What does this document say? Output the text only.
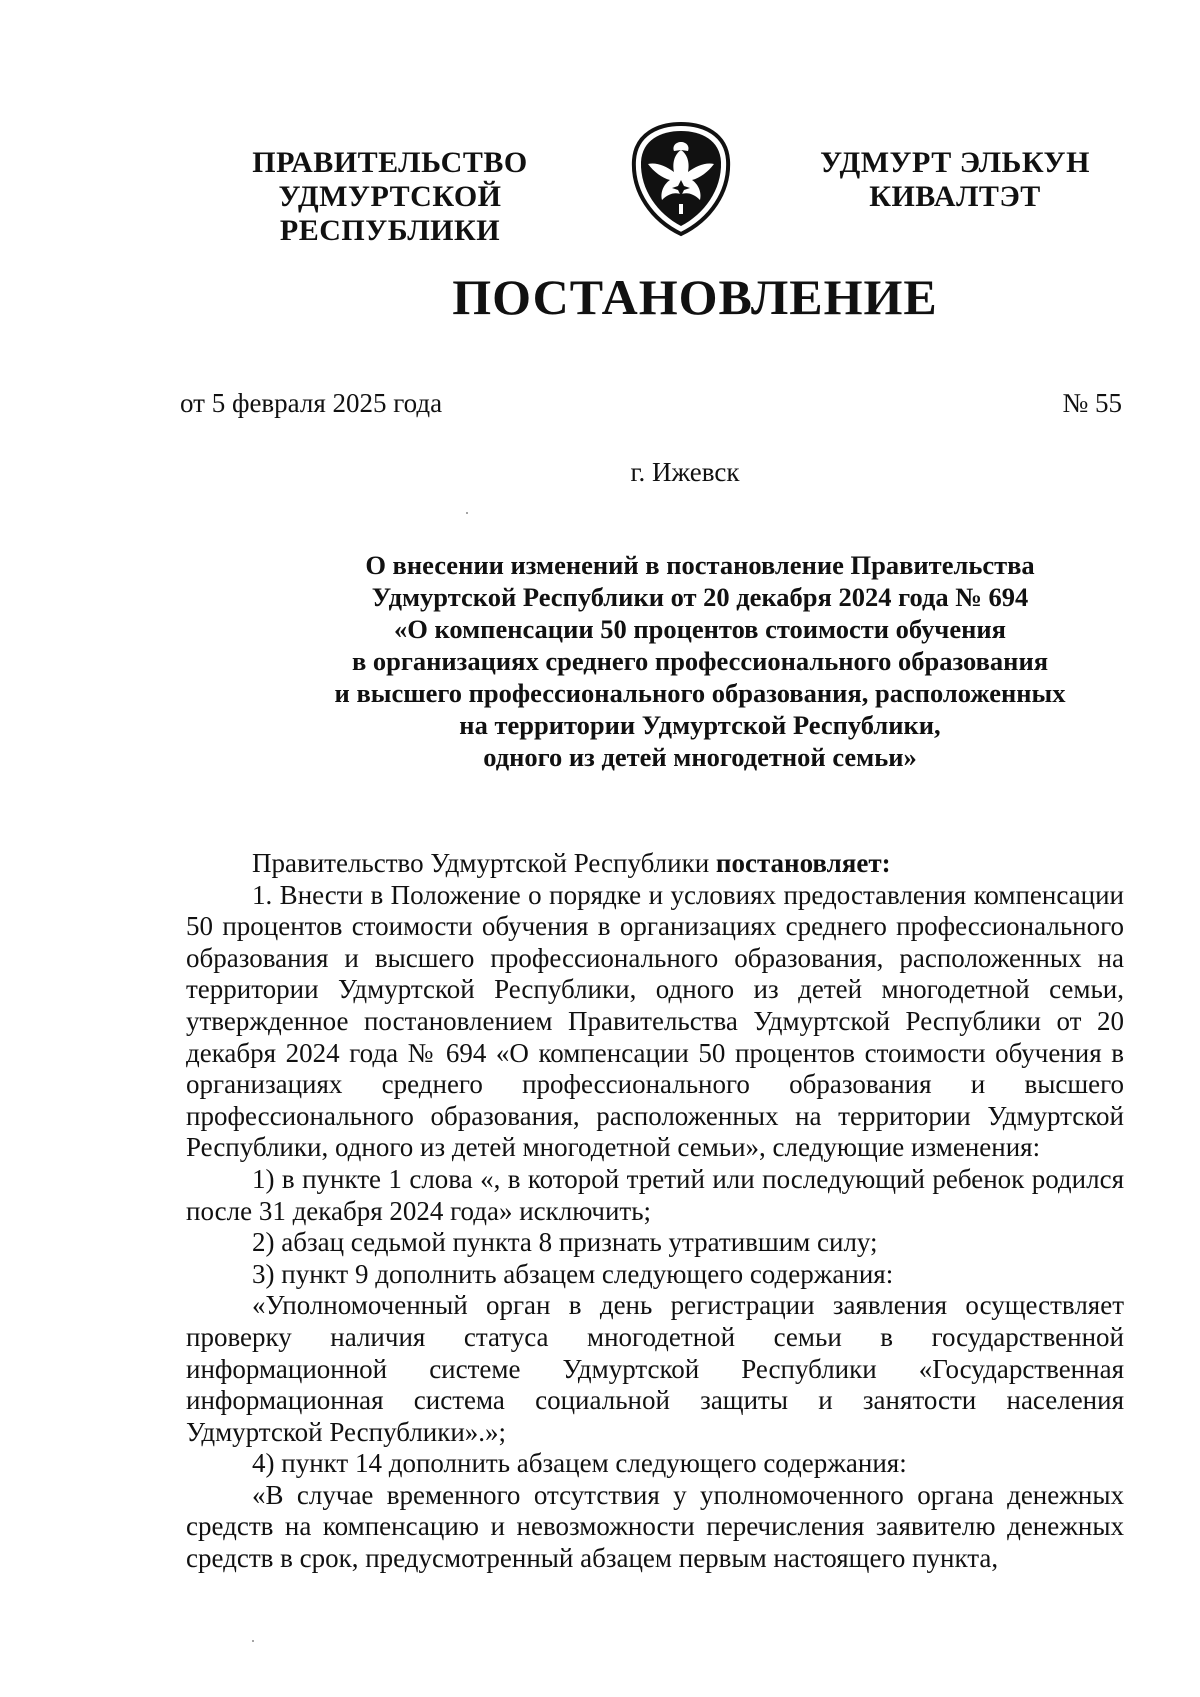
ПРАВИТЕЛЬСТВО
УДМУРТСКОЙ РЕСПУБЛИКИ
УДМУРТ ЭЛЬКУН
КИВАЛТЭТ
ПОСТАНОВЛЕНИЕ
от 5 февраля 2025 года	№ 55
г. Ижевск
О внесении изменений в постановление Правительства
Удмуртской Республики от 20 декабря 2024 года № 694
«О компенсации 50 процентов стоимости обучения
в организациях среднего профессионального образования
и высшего профессионального образования, расположенных
на территории Удмуртской Республики,
одного из детей многодетной семьи»

Правительство Удмуртской Республики постановляет:

1. Внести в Положение о порядке и условиях предоставления компенсации 50 процентов стоимости обучения в организациях среднего профессионального образования и высшего профессионального образования, расположенных на территории Удмуртской Республики, одного из детей многодетной семьи, утвержденное постановлением Правительства Удмуртской Республики от 20 декабря 2024 года № 694 «О компенсации 50 процентов стоимости обучения в организациях среднего профессионального образования и высшего профессионального образования, расположенных на территории Удмуртской Республики, одного из детей многодетной семьи», следующие изменения:

1) в пункте 1 слова «, в которой третий или последующий ребенок родился после 31 декабря 2024 года» исключить;

2) абзац седьмой пункта 8 признать утратившим силу;

3) пункт 9 дополнить абзацем следующего содержания:

«Уполномоченный орган в день регистрации заявления осуществляет проверку наличия статуса многодетной семьи в государственной информационной системе Удмуртской Республики «Государственная информационная система социальной защиты и занятости населения Удмуртской Республики».»;

4) пункт 14 дополнить абзацем следующего содержания:

«В случае временного отсутствия у уполномоченного органа денежных средств на компенсацию и невозможности перечисления заявителю денежных средств в срок, предусмотренный абзацем первым настоящего пункта,
